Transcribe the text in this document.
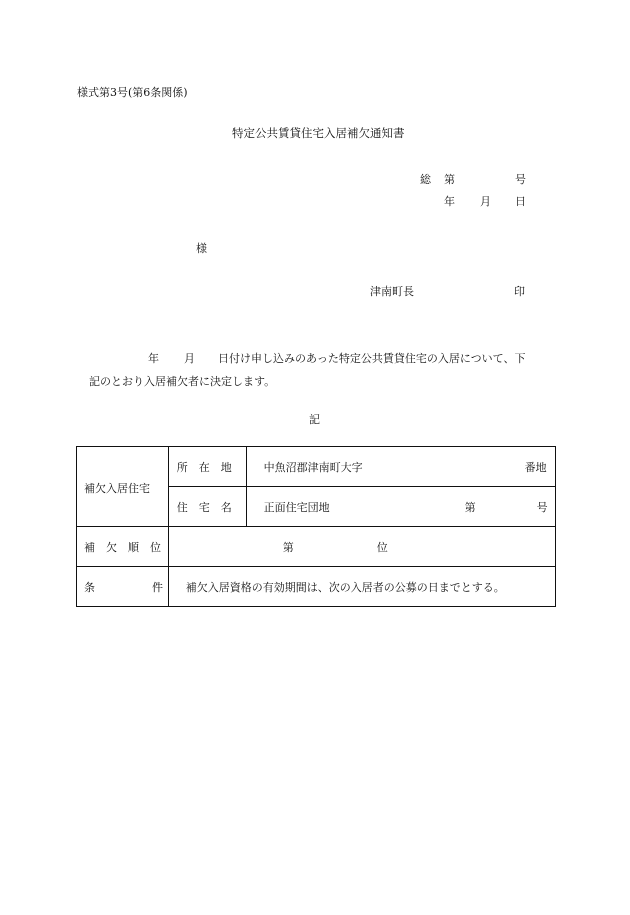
様式第3号(第6条関係)
特定公共賃貸住宅入居補欠通知書
総 第	号
年 月 日
様
津南町長	印
年 月 日付け申し込みのあった特定公共賃貸住宅の入居について、下
記のとおり入居補欠者に決定します。
記
補欠入居住宅	所　在　地	中魚沼郡津南町大字 番地

	住　宅　名	正面住宅団地 第 号

補　欠　順　位	第 位	

条 件	補欠入居資格の有効期間は、次の入居者の公募の日までとする。	
